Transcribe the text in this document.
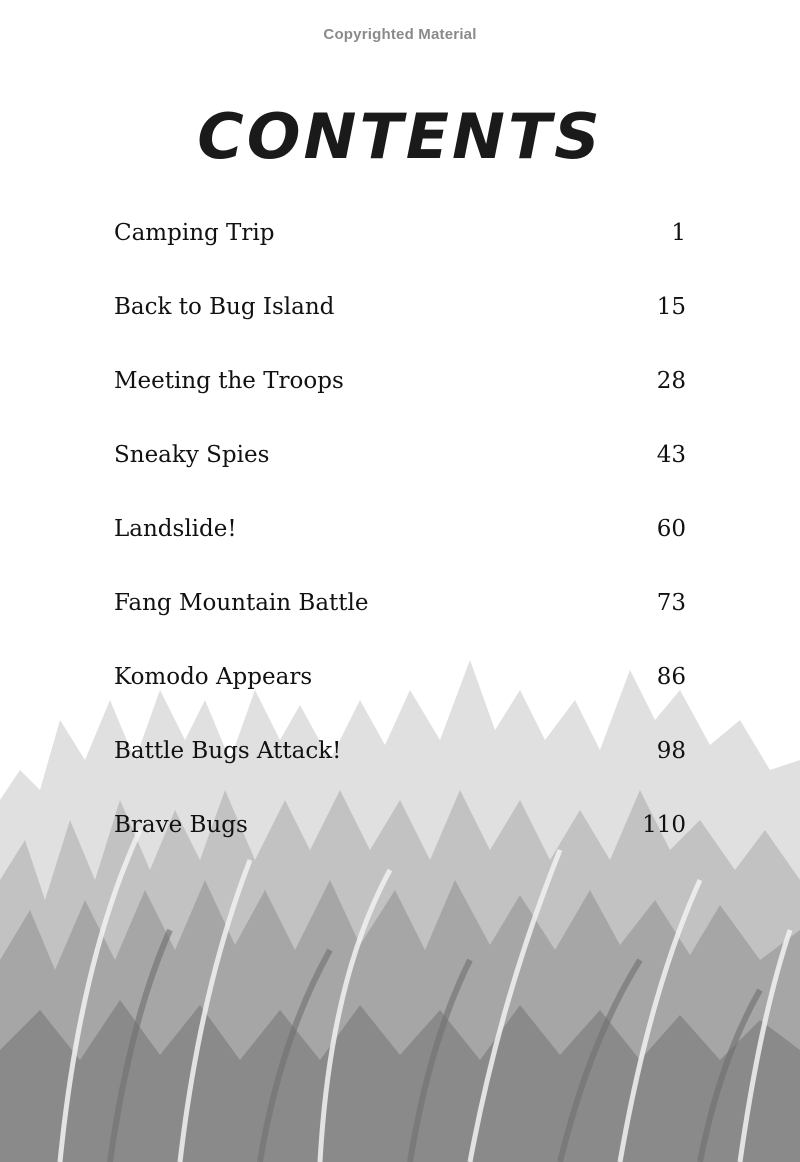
Copyrighted Material
CONTENTS
Camping Trip	1
Back to Bug Island	15
Meeting the Troops	28
Sneaky Spies	43
Landslide!	60
Fang Mountain Battle	73
Komodo Appears	86
Battle Bugs Attack!	98
Brave Bugs	110
